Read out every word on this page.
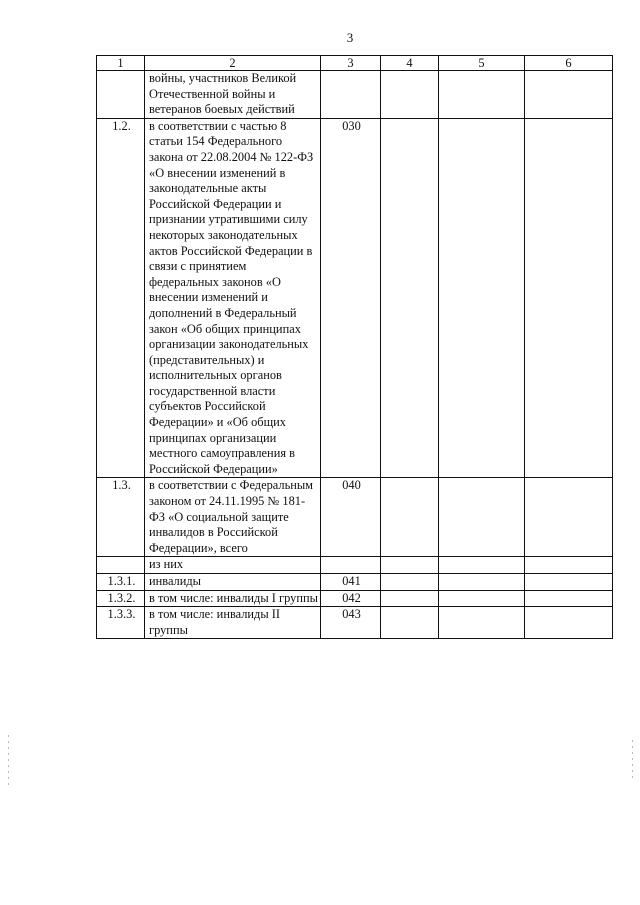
3
1	2	3	4	5	6
	войны, участников Великой Отечественной войны и ветеранов боевых действий				
1.2.	в соответствии с частью 8 статьи 154 Федерального закона от 22.08.2004 № 122-ФЗ «О внесении изменений в законодательные акты Российской Федерации и признании утратившими силу некоторых законодательных актов Российской Федерации в связи с принятием федеральных законов «О внесении изменений и дополнений в Федеральный закон «Об общих принципах организации законодательных (представительных) и исполнительных органов государственной власти субъектов Российской Федерации» и «Об общих принципах организации местного самоуправления в Российской Федерации»	030			
1.3.	в соответствии с Федеральным законом от 24.11.1995 № 181-ФЗ «О социальной защите инвалидов в Российской Федерации», всего	040			
	из них				
1.3.1.	инвалиды	041			
1.3.2.	в том числе: инвалиды I группы	042			
1.3.3.	в том числе: инвалиды II группы	043			
